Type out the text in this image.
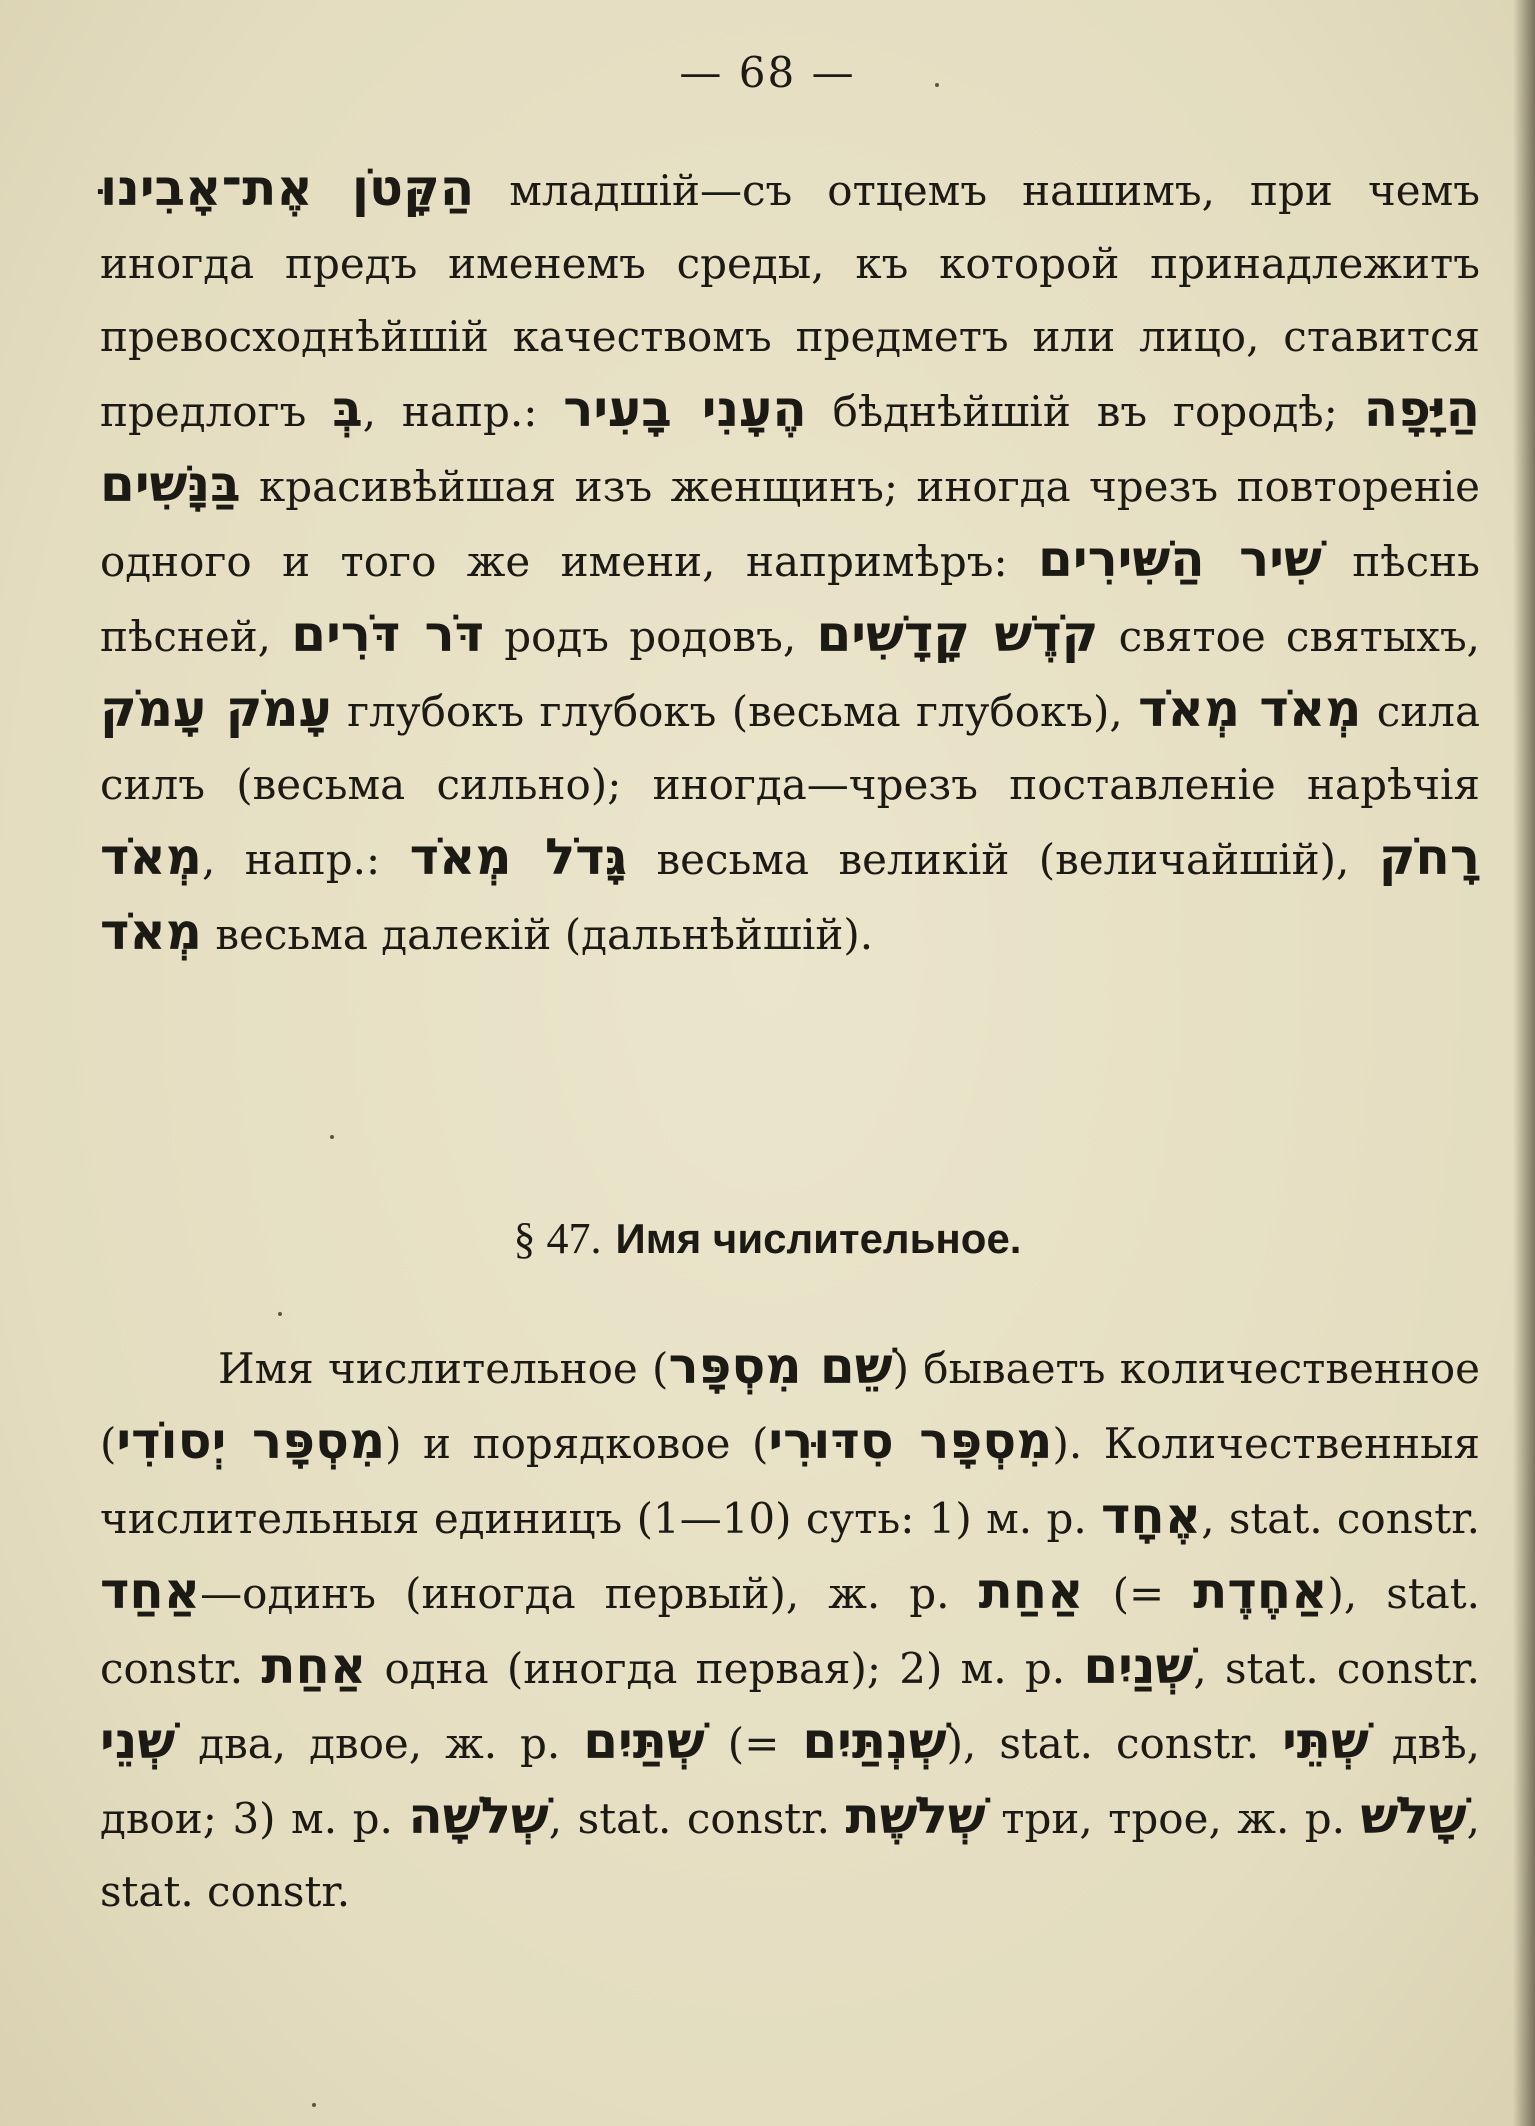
— 68 —

הַקָּטֹן אֶת־אָבִינוּ младшій—съ отцемъ нашимъ, при чемъ иногда предъ именемъ среды, къ которой принадлежитъ превосходнѣйшій качествомъ предметъ или лицо, ставится предлогъ בְּ, напр.: הֶעָנִי בָעִיר бѣднѣйшій въ городѣ; הַיָּפָה בַּנָּשִׁים красивѣйшая изъ женщинъ; иногда чрезъ повтореніе одного и того же имени, напримѣръ: שִׁיר הַשִּׁירִים пѣснь пѣсней, דֹּר דֹּרִים родъ родовъ, קֹדֶשׁ קָדָשִׁים святое святыхъ, עָמֹק עָמֹק глубокъ глубокъ (весьма глубокъ), מְאֹד מְאֹד сила силъ (весьма сильно); иногда—чрезъ поставленіе нарѣчія מְאֹד, напр.: גָּדֹל מְאֹד весьма великій (величайшій), רָחֹק מְאֹד весьма далекій (дальнѣйшій).

§ 47. Имя числительное.

Имя числительное (שֵׁם מִסְפָּר) бываетъ количественное (מִסְפָּר יְסוֹדִי) и порядковое (מִסְפָּר סִדּוּרִי). Количественныя числительныя единицъ (1—10) суть: 1) м. р. אֶחָד, stat. constr. אַחַד—одинъ (иногда первый), ж. р. אַחַת (= אַחֶדֶת), stat. constr. אַחַת одна (иногда первая); 2) м. р. שְׁנַיִם, stat. constr. שְׁנֵי два, двое, ж. р. שְׁתַּיִם (= שְׁנְתַּיִם), stat. constr. שְׁתֵּי двѣ, двои; 3) м. р. שְׁלֹשָׁה, stat. constr. שְׁלֹשֶׁת три, трое, ж. р. שָׁלֹשׁ, stat. constr.
